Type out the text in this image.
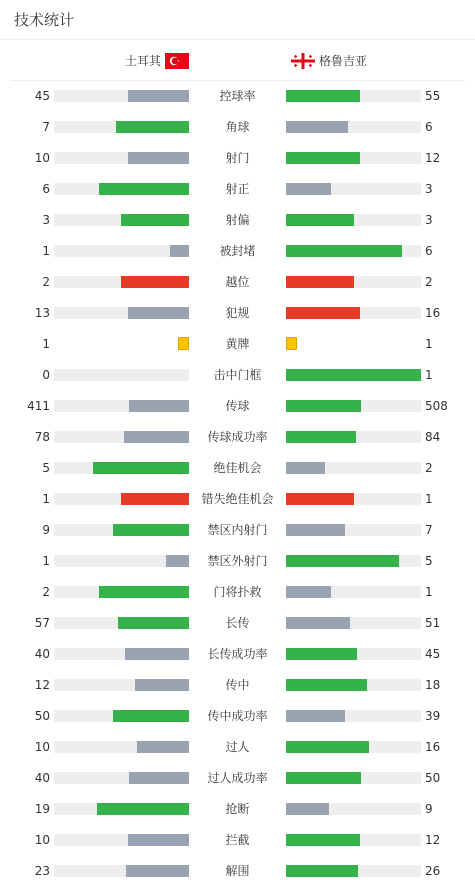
技术统计
土耳其	格鲁吉亚
45	控球率	55
7	角球	6
10	射门	12
6	射正	3
3	射偏	3
1	被封堵	6
2	越位	2
13	犯规	16
1	黄牌	1
0	击中门框	1
411	传球	508
78	传球成功率	84
5	绝佳机会	2
1	错失绝佳机会	1
9	禁区内射门	7
1	禁区外射门	5
2	门将扑救	1
57	长传	51
40	长传成功率	45
12	传中	18
50	传中成功率	39
10	过人	16
40	过人成功率	50
19	抢断	9
10	拦截	12
23	解围	26
